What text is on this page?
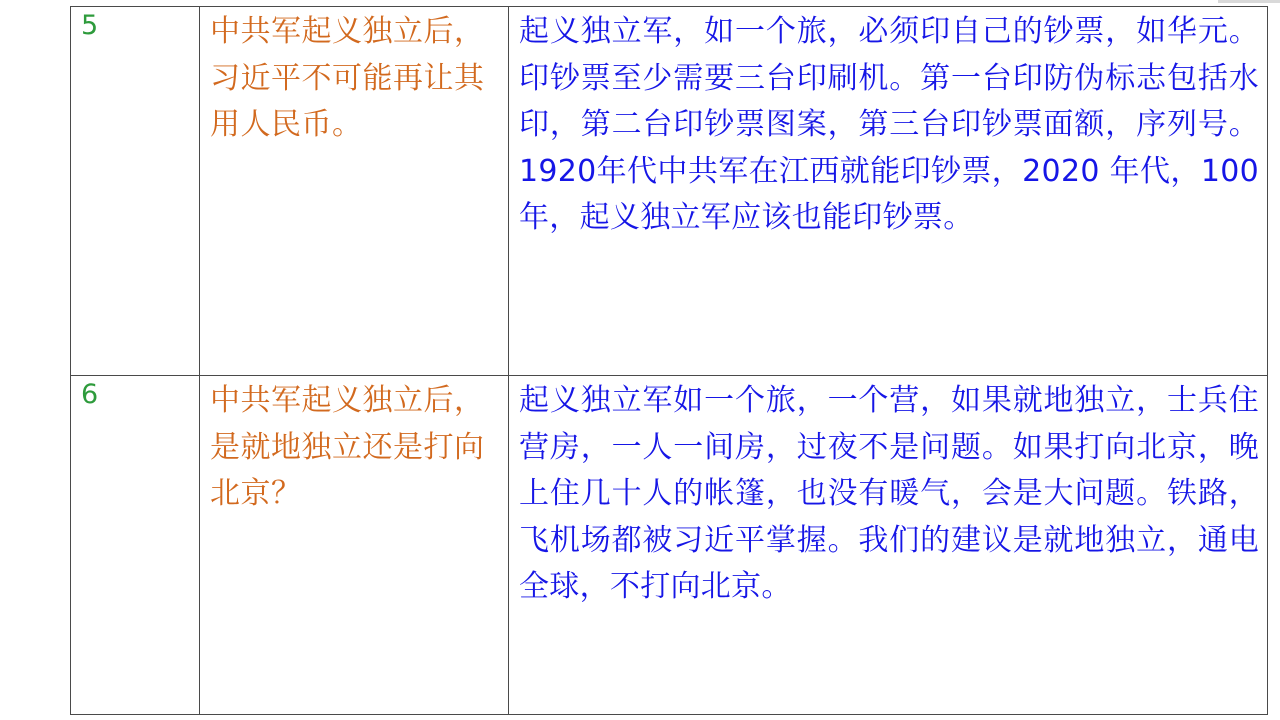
5	中共军起义独立后，习近平不可能再让其用人民币。	起义独立军，如一个旅，必须印自己的钞票，如华元。印钞票至少需要三台印刷机。第一台印防伪标志包括水印，第二台印钞票图案，第三台印钞票面额，序列号。1920年代中共军在江西就能印钞票，2020 年代，100 年，起义独立军应该也能印钞票。
6	中共军起义独立后，是就地独立还是打向北京？	起义独立军如一个旅，一个营，如果就地独立，士兵住营房，一人一间房，过夜不是问题。如果打向北京，晚上住几十人的帐篷，也没有暖气，会是大问题。铁路，飞机场都被习近平掌握。我们的建议是就地独立，通电全球，不打向北京。
